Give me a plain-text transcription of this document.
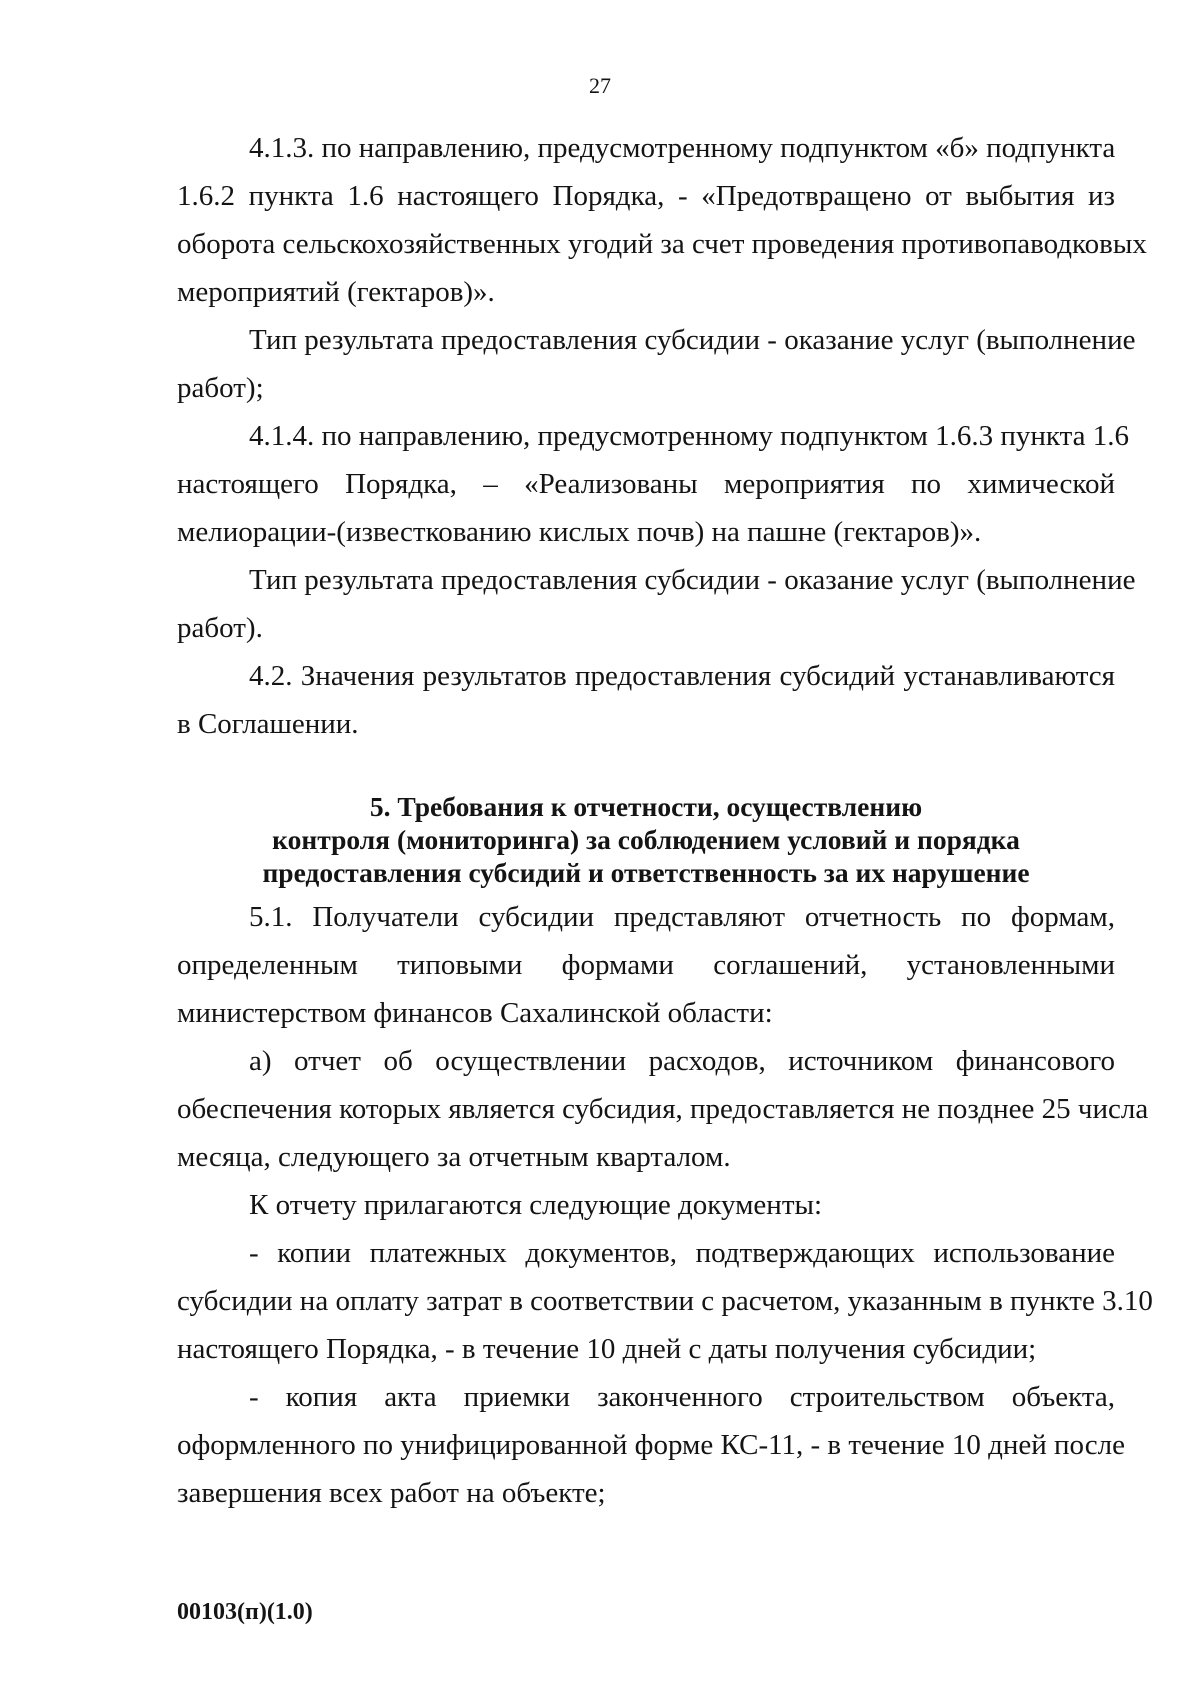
27

4.1.3. по направлению, предусмотренному подпунктом «б» подпункта
1.6.2 пункта 1.6 настоящего Порядка, - «Предотвращено от выбытия из
оборота сельскохозяйственных угодий за счет проведения противопаводковых
мероприятий (гектаров)».

Тип результата предоставления субсидии - оказание услуг (выполнение
работ);

4.1.4. по направлению, предусмотренному подпунктом 1.6.3 пункта 1.6
настоящего Порядка, – «Реализованы мероприятия по химической
мелиорации-(известкованию кислых почв) на пашне (гектаров)».

Тип результата предоставления субсидии - оказание услуг (выполнение
работ).

4.2. Значения результатов предоставления субсидий устанавливаются
в Соглашении.

5. Требования к отчетности, осуществлению
контроля (мониторинга) за соблюдением условий и порядка
предоставления субсидий и ответственность за их нарушение

5.1. Получатели субсидии представляют отчетность по формам,
определенным типовыми формами соглашений, установленными
министерством финансов Сахалинской области:

а) отчет об осуществлении расходов, источником финансового
обеспечения которых является субсидия, предоставляется не позднее 25 числа
месяца, следующего за отчетным кварталом.

К отчету прилагаются следующие документы:

- копии платежных документов, подтверждающих использование
субсидии на оплату затрат в соответствии с расчетом, указанным в пункте 3.10
настоящего Порядка, - в течение 10 дней с даты получения субсидии;

- копия акта приемки законченного строительством объекта,
оформленного по унифицированной форме КС-11, - в течение 10 дней после
завершения всех работ на объекте;

00103(п)(1.0)
